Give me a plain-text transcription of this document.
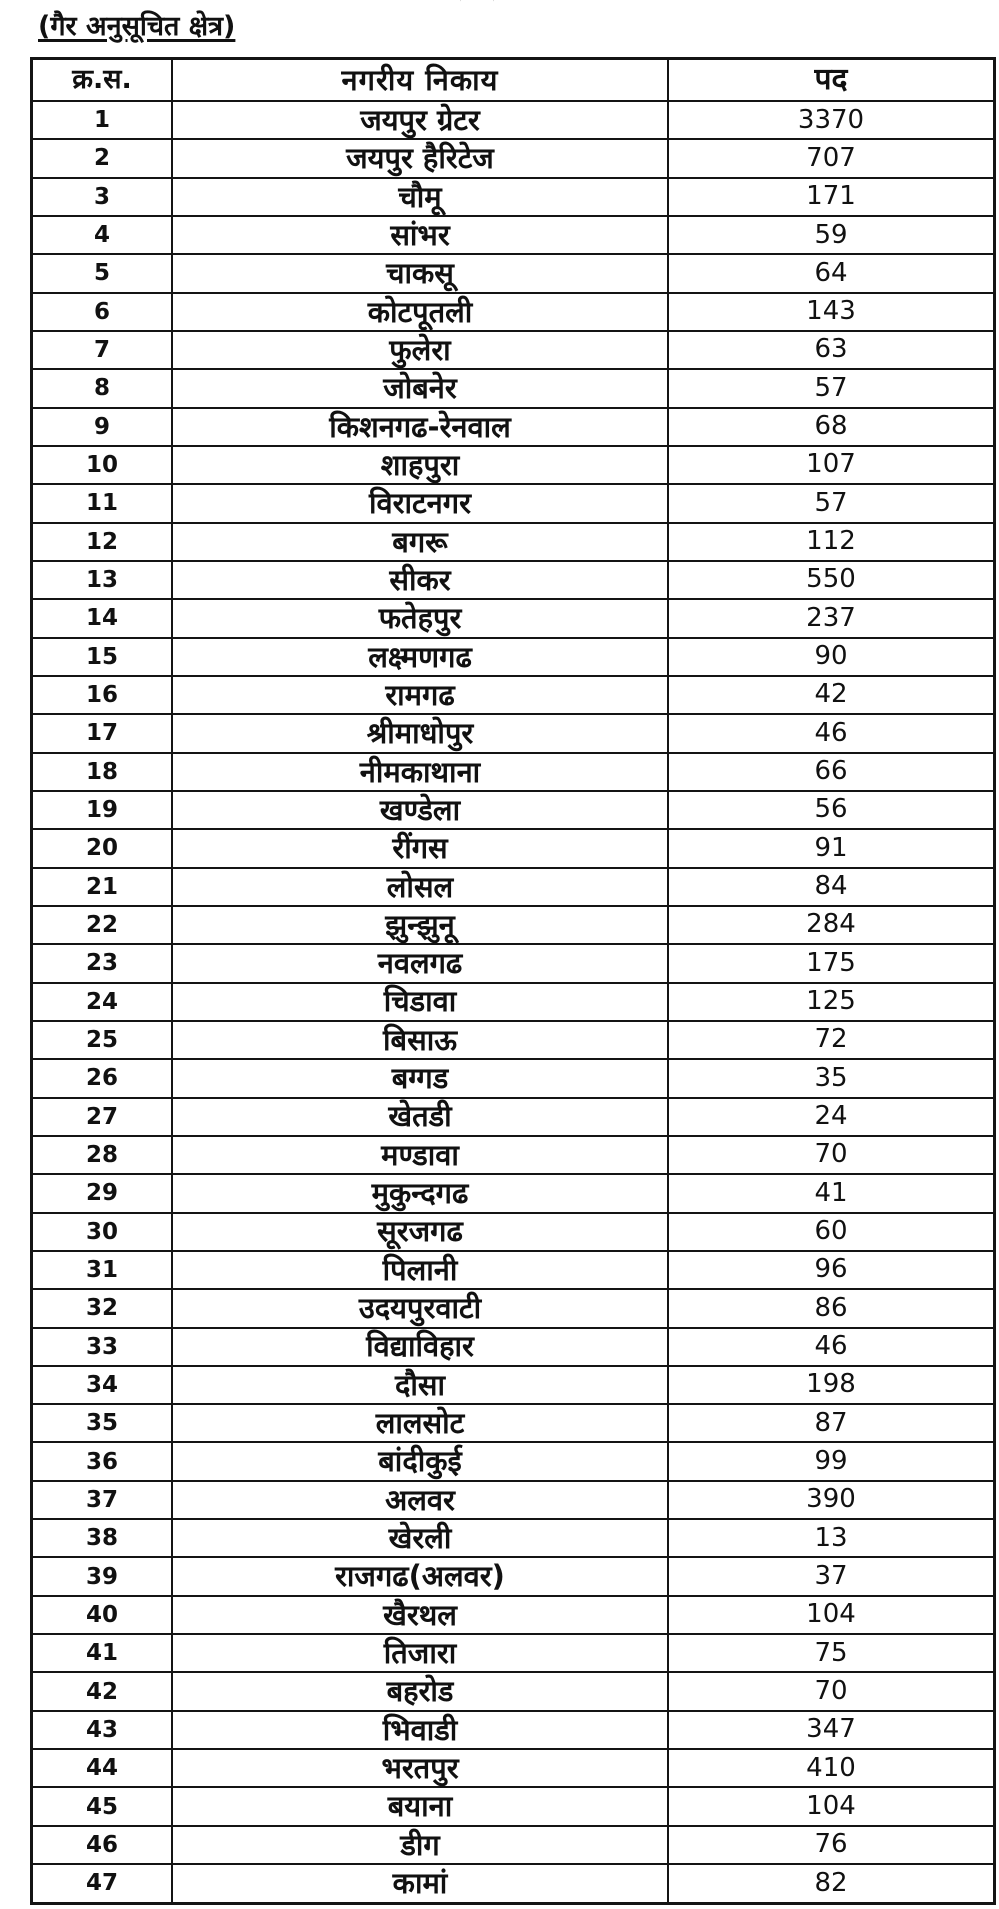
(गैर अनुसूचित क्षेत्र)
क्र.स.	नगरीय निकाय	पद
1	जयपुर ग्रेटर	3370
2	जयपुर हैरिटेज	707
3	चौमू	171
4	सांभर	59
5	चाकसू	64
6	कोटपूतली	143
7	फुलेरा	63
8	जोबनेर	57
9	किशनगढ-रेनवाल	68
10	शाहपुरा	107
11	विराटनगर	57
12	बगरू	112
13	सीकर	550
14	फतेहपुर	237
15	लक्ष्मणगढ	90
16	रामगढ	42
17	श्रीमाधोपुर	46
18	नीमकाथाना	66
19	खण्डेला	56
20	रींगस	91
21	लोसल	84
22	झुन्झुनू	284
23	नवलगढ	175
24	चिडावा	125
25	बिसाऊ	72
26	बग्गड	35
27	खेतडी	24
28	मण्डावा	70
29	मुकुन्दगढ	41
30	सूरजगढ	60
31	पिलानी	96
32	उदयपुरवाटी	86
33	विद्याविहार	46
34	दौसा	198
35	लालसोट	87
36	बांदीकुई	99
37	अलवर	390
38	खेरली	13
39	राजगढ(अलवर)	37
40	खैरथल	104
41	तिजारा	75
42	बहरोड	70
43	भिवाडी	347
44	भरतपुर	410
45	बयाना	104
46	डीग	76
47	कामां	82
